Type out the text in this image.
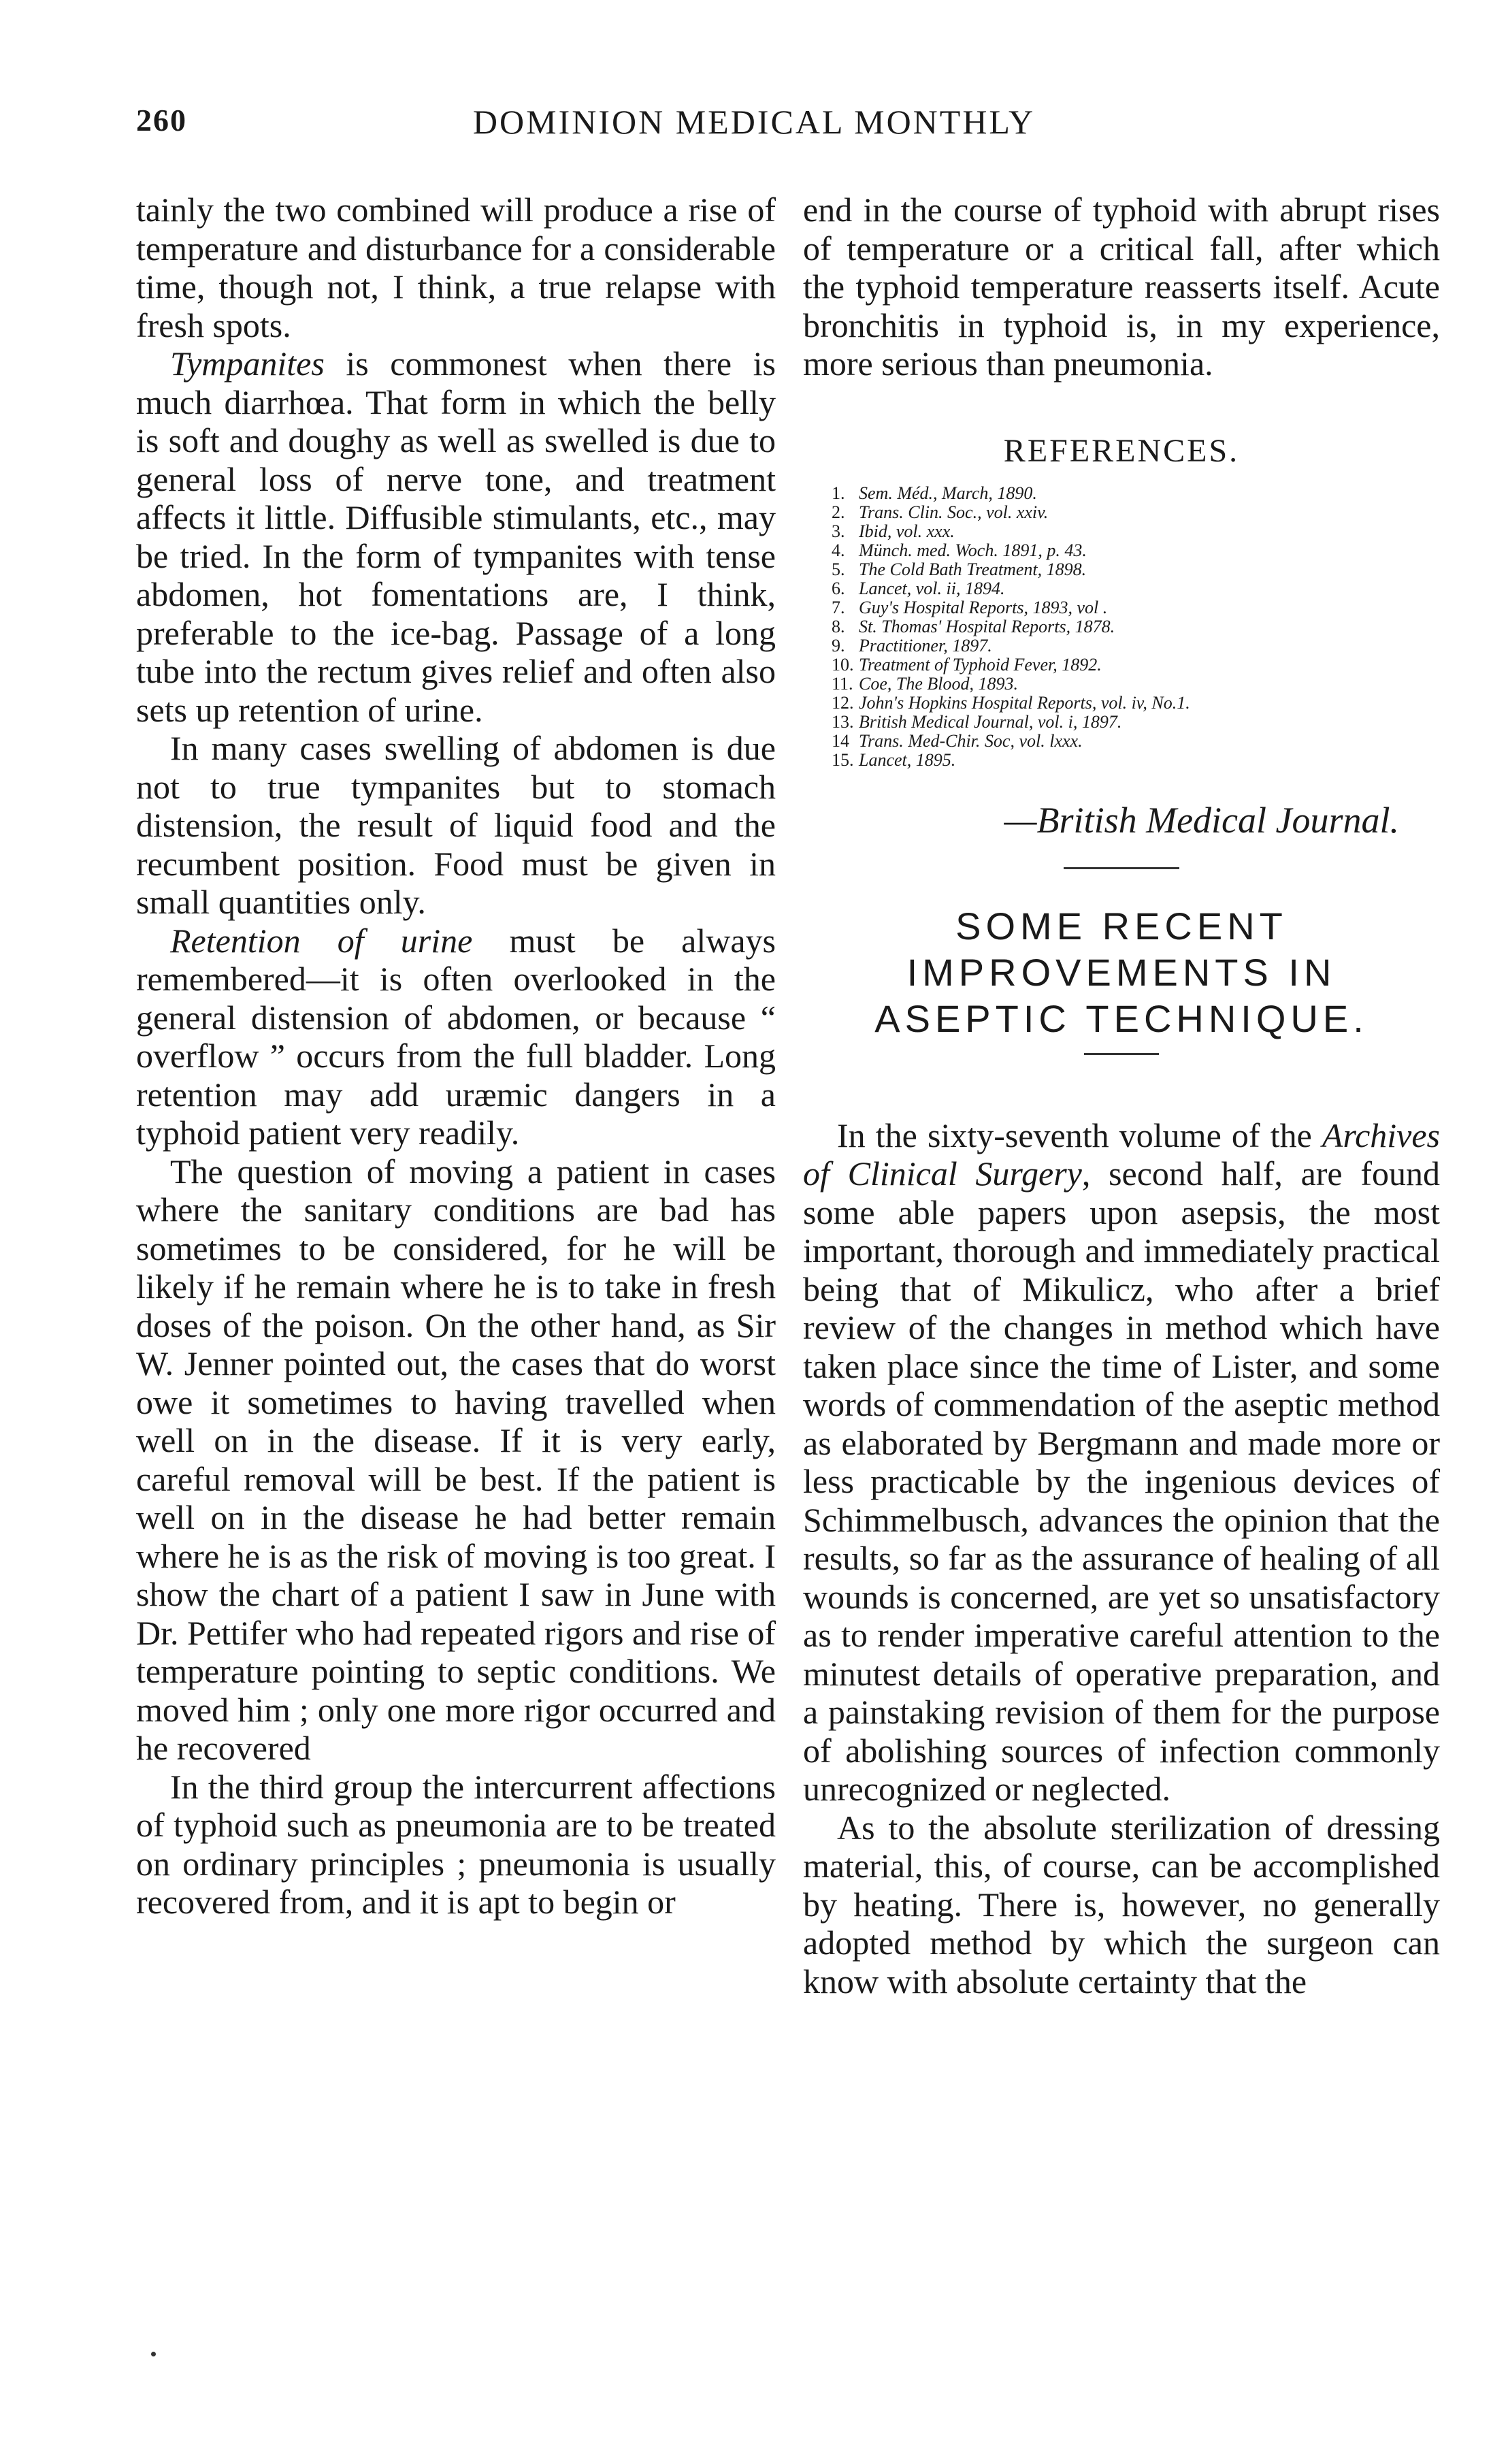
260	DOMINION MEDICAL MONTHLY

tainly the two combined will produce a rise of temperature and disturbance for a considerable time, though not, I think, a true relapse with fresh spots.

Tympanites is commonest when there is much diarrhœa. That form in which the belly is soft and doughy as well as swelled is due to general loss of nerve tone, and treatment affects it little. Diffusible stimulants, etc., may be tried. In the form of tympanites with tense abdomen, hot fomentations are, I think, preferable to the ice-bag. Passage of a long tube into the rectum gives relief and often also sets up retention of urine.

In many cases swelling of abdomen is due not to true tympanites but to stomach distension, the result of liquid food and the recumbent position. Food must be given in small quantities only.

Retention of urine must be always remembered—it is often overlooked in the general distension of abdomen, or because “ overflow ” occurs from the full bladder. Long retention may add uræmic dangers in a typhoid patient very readily.

The question of moving a patient in cases where the sanitary conditions are bad has sometimes to be considered, for he will be likely if he remain where he is to take in fresh doses of the poison. On the other hand, as Sir W. Jenner pointed out, the cases that do worst owe it sometimes to having travelled when well on in the disease. If it is very early, careful removal will be best. If the patient is well on in the disease he had better remain where he is as the risk of moving is too great. I show the chart of a patient I saw in June with Dr. Pettifer who had repeated rigors and rise of temperature pointing to septic conditions. We moved him ; only one more rigor occurred and he recovered

In the third group the intercurrent affections of typhoid such as pneumonia are to be treated on ordinary principles ; pneumonia is usually recovered from, and it is apt to begin or

end in the course of typhoid with abrupt rises of temperature or a critical fall, after which the typhoid temperature reasserts itself. Acute bronchitis in typhoid is, in my experience, more serious than pneumonia.

REFERENCES.
1. Sem. Méd., March, 1890.
2. Trans. Clin. Soc., vol. xxiv.
3. Ibid, vol. xxx.
4. Münch. med. Woch. 1891, p. 43.
5. The Cold Bath Treatment, 1898.
6. Lancet, vol. ii, 1894.
7. Guy's Hospital Reports, 1893, vol .
8. St. Thomas' Hospital Reports, 1878.
9. Practitioner, 1897.
10. Treatment of Typhoid Fever, 1892.
11. Coe, The Blood, 1893.
12. John's Hopkins Hospital Reports, vol. iv, No.1.
13. British Medical Journal, vol. i, 1897.
14 Trans. Med-Chir. Soc, vol. lxxx.
15. Lancet, 1895.
—British Medical Journal.
SOME RECENT IMPROVEMENTS IN ASEPTIC TECHNIQUE.

In the sixty-seventh volume of the Archives of Clinical Surgery, second half, are found some able papers upon asepsis, the most important, thorough and immediately practical being that of Mikulicz, who after a brief review of the changes in method which have taken place since the time of Lister, and some words of commendation of the aseptic method as elaborated by Bergmann and made more or less practicable by the ingenious devices of Schimmelbusch, advances the opinion that the results, so far as the assurance of healing of all wounds is concerned, are yet so unsatisfactory as to render imperative careful attention to the minutest details of operative preparation, and a painstaking revision of them for the purpose of abolishing sources of infection commonly unrecognized or neglected.

As to the absolute sterilization of dressing material, this, of course, can be accomplished by heating. There is, however, no generally adopted method by which the surgeon can know with absolute certainty that the
